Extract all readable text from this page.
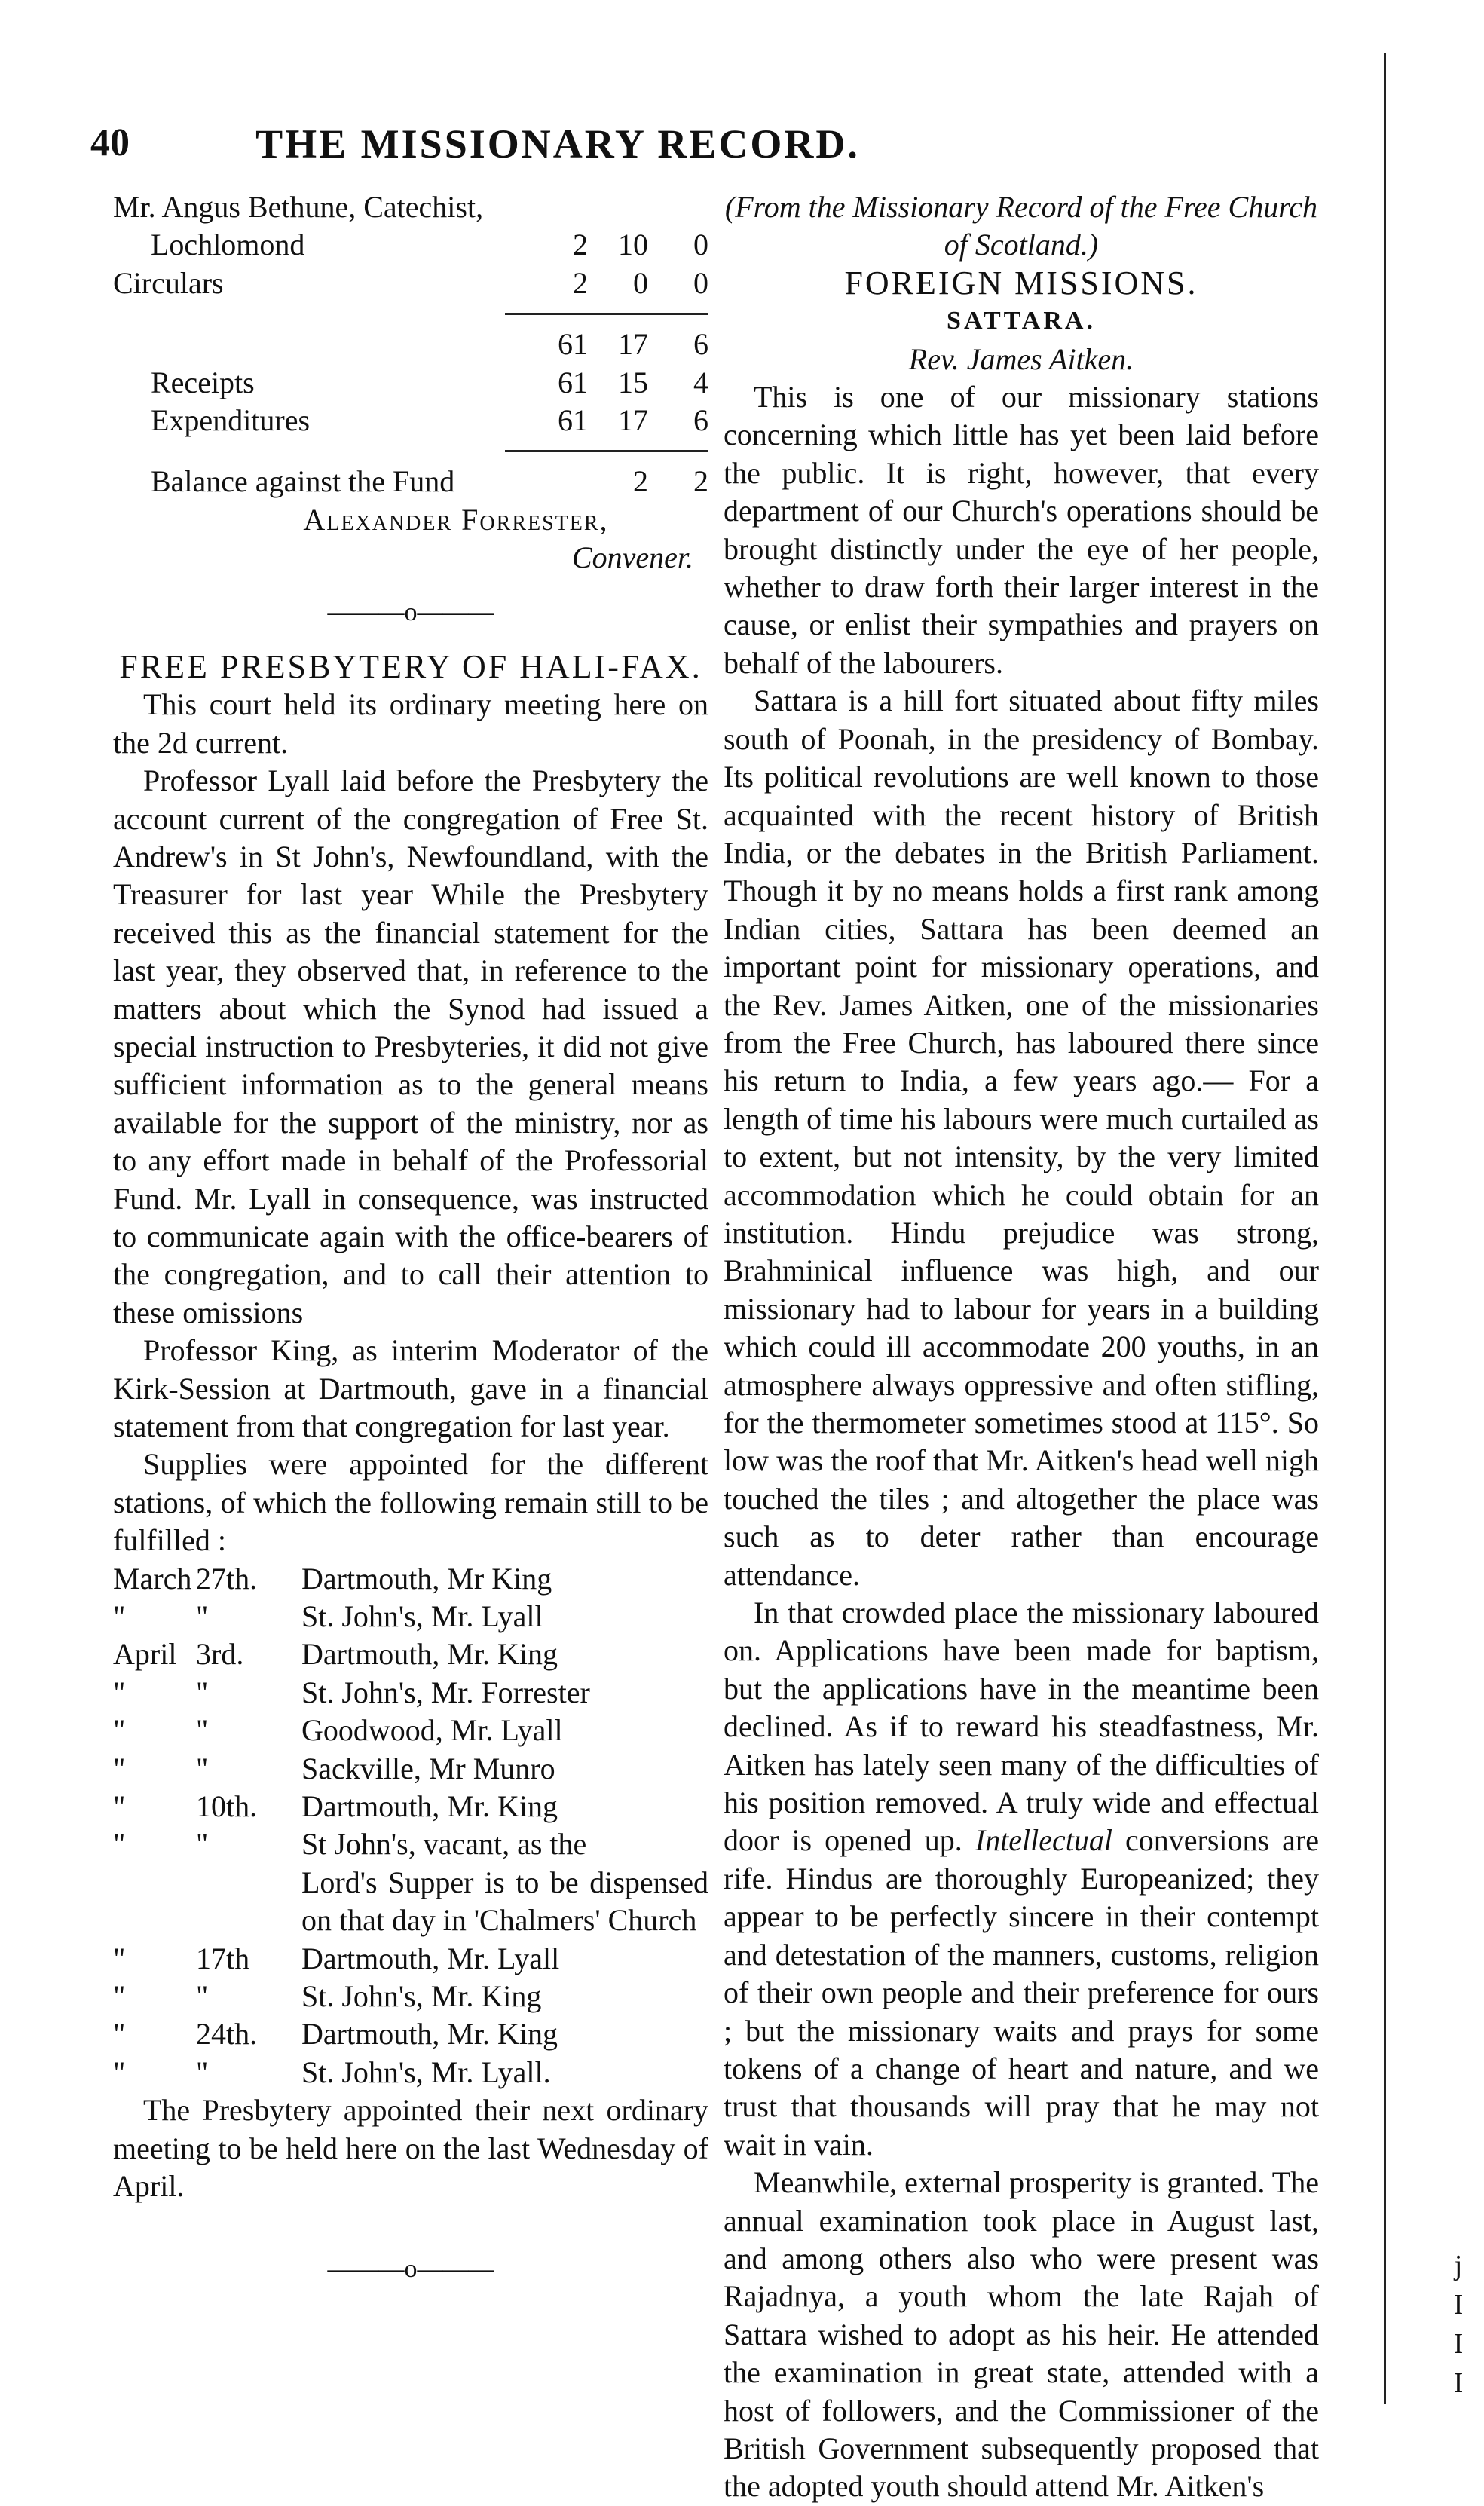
40	THE MISSIONARY RECORD.
Mr. Angus Bethune, Catechist,
Lochlomond	2	10	0
Circulars	2	0	0
61	17	6
Receipts	61	15	4
Expenditures	61	17	6
Balance against the Fund	2	2
Alexander Forrester,
Convener.
———o———
FREE PRESBYTERY OF HALI-FAX.

This court held its ordinary meeting here on the 2d current.

Professor Lyall laid before the Presbytery the account current of the congregation of Free St. Andrew's in St John's, Newfoundland, with the Treasurer for last year While the Presbytery received this as the financial statement for the last year, they observed that, in reference to the matters about which the Synod had issued a special instruction to Presbyteries, it did not give sufficient information as to the general means available for the support of the ministry, nor as to any effort made in behalf of the Professorial Fund. Mr. Lyall in consequence, was instructed to communicate again with the office-bearers of the congregation, and to call their attention to these omissions

Professor King, as interim Moderator of the Kirk-Session at Dartmouth, gave in a financial statement from that congregation for last year.

Supplies were appointed for the different stations, of which the following remain still to be fulfilled :

March 27th.	Dartmouth, Mr King
"	"	St. John's, Mr. Lyall
April 3rd.	Dartmouth, Mr. King
"	"	St. John's, Mr. Forrester
"	"	Goodwood, Mr. Lyall
"	"	Sackville, Mr Munro
"	10th.	Dartmouth, Mr. King
"	"	St John's, vacant, as the
Lord's Supper is to be dispensed on that day in 'Chalmers' Church
"	17th	Dartmouth, Mr. Lyall
"	"	St. John's, Mr. King
"	24th.	Dartmouth, Mr. King
"	"	St. John's, Mr. Lyall.

The Presbytery appointed their next ordinary meeting to be held here on the last Wednesday of April.

———o———
(From the Missionary Record of the Free Church of Scotland.)
FOREIGN MISSIONS.
SATTARA.
Rev. James Aitken.

This is one of our missionary stations concerning which little has yet been laid before the public. It is right, however, that every department of our Church's operations should be brought distinctly under the eye of her people, whether to draw forth their larger interest in the cause, or enlist their sympathies and prayers on behalf of the labourers.

Sattara is a hill fort situated about fifty miles south of Poonah, in the presidency of Bombay. Its political revolutions are well known to those acquainted with the recent history of British India, or the debates in the British Parliament. Though it by no means holds a first rank among Indian cities, Sattara has been deemed an important point for missionary operations, and the Rev. James Aitken, one of the missionaries from the Free Church, has laboured there since his return to India, a few years ago.— For a length of time his labours were much curtailed as to extent, but not intensity, by the very limited accommodation which he could obtain for an institution. Hindu prejudice was strong, Brahminical influence was high, and our missionary had to labour for years in a building which could ill accommodate 200 youths, in an atmosphere always oppressive and often stifling, for the thermometer sometimes stood at 115°. So low was the roof that Mr. Aitken's head well nigh touched the tiles ; and altogether the place was such as to deter rather than encourage attendance.

In that crowded place the missionary laboured on. Applications have been made for baptism, but the applications have in the meantime been declined. As if to reward his steadfastness, Mr. Aitken has lately seen many of the difficulties of his position removed. A truly wide and effectual door is opened up. Intellectual conversions are rife. Hindus are thoroughly Europeanized; they appear to be perfectly sincere in their contempt and detestation of the manners, customs, religion of their own people and their preference for ours ; but the missionary waits and prays for some tokens of a change of heart and nature, and we trust that thousands will pray that he may not wait in vain.

Meanwhile, external prosperity is granted. The annual examination took place in August last, and among others also who were present was Rajadnya, a youth whom the late Rajah of Sattara wished to adopt as his heir. He attended the examination in great state, attended with a host of followers, and the Commissioner of the British Government subsequently proposed that the adopted youth should attend Mr. Aitken's

j
I
I
I
